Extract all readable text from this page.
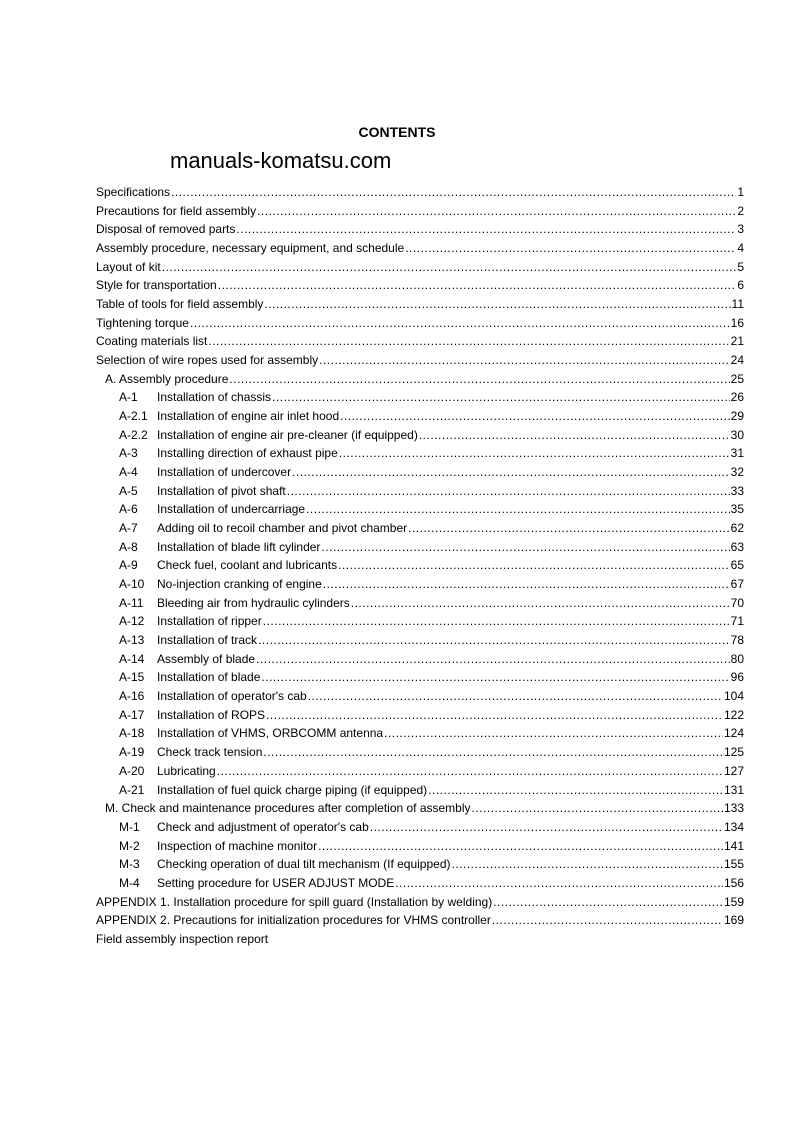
CONTENTS
manuals-komatsu.com
Specifications .....	1
Precautions for field assembly .....	2
Disposal of removed parts .....	3
Assembly procedure, necessary equipment, and schedule .....	4
Layout of kit .....	5
Style for transportation .....	6
Table of tools for field assembly .....	11
Tightening torque .....	16
Coating materials list .....	21
Selection of wire ropes used for assembly .....	24
A. Assembly procedure .....	25
A-1	Installation of chassis .....	26
A-2.1 Installation of engine air inlet hood .....	29
A-2.2 Installation of engine air pre-cleaner (if equipped) .....	30
A-3	Installing direction of exhaust pipe .....	31
A-4	Installation of undercover .....	32
A-5	Installation of pivot shaft .....	33
A-6	Installation of undercarriage .....	35
A-7	Adding oil to recoil chamber and pivot chamber .....	62
A-8	Installation of blade lift cylinder .....	63
A-9	Check fuel, coolant and lubricants .....	65
A-10	No-injection cranking of engine .....	67
A-11	Bleeding air from hydraulic cylinders .....	70
A-12	Installation of ripper .....	71
A-13	Installation of track .....	78
A-14	Assembly of blade .....	80
A-15	Installation of blade .....	96
A-16	Installation of operator's cab .....	104
A-17	Installation of ROPS .....	122
A-18	Installation of VHMS, ORBCOMM antenna .....	124
A-19	Check track tension .....	125
A-20	Lubricating .....	127
A-21	Installation of fuel quick charge piping (if equipped) .....	131
M. Check and maintenance procedures after completion of assembly .....	133
M-1	Check and adjustment of operator's cab .....	134
M-2	Inspection of machine monitor .....	141
M-3	Checking operation of dual tilt mechanism (If equipped) .....	155
M-4	Setting procedure for USER ADJUST MODE .....	156
APPENDIX 1. Installation procedure for spill guard (Installation by welding) .....	159
APPENDIX 2. Precautions for initialization procedures for VHMS controller .....	169
Field assembly inspection report
